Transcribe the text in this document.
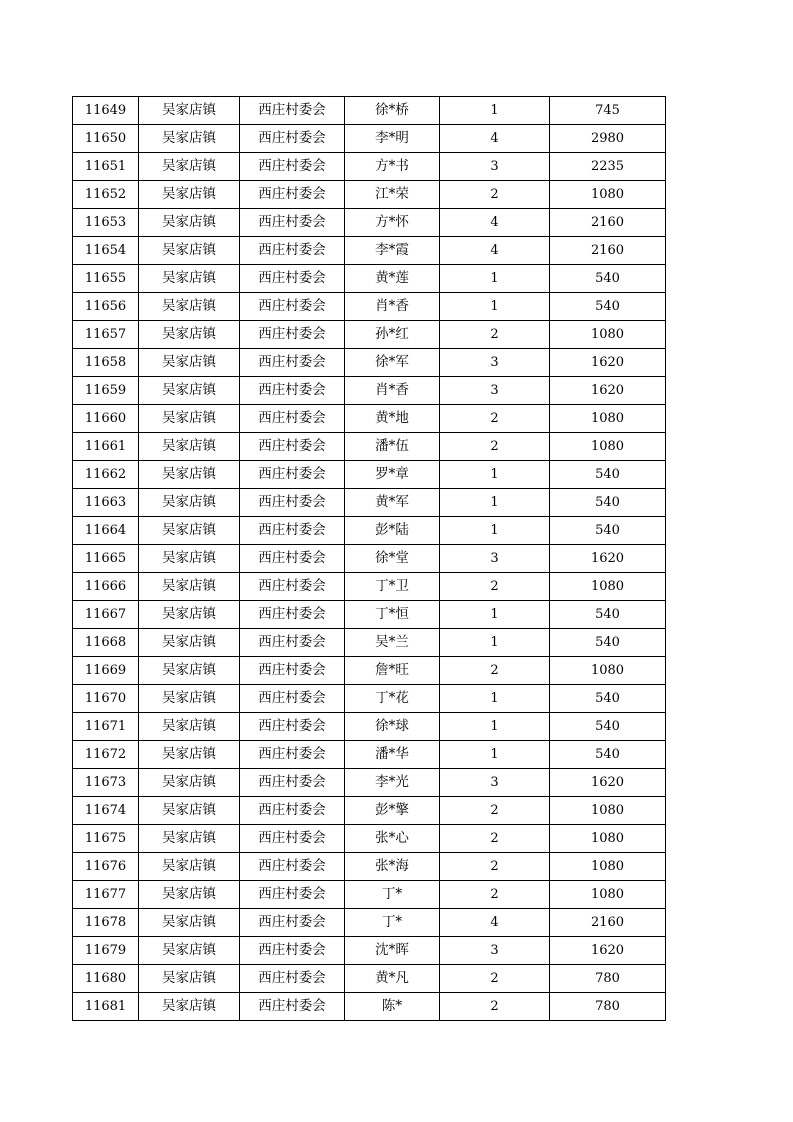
11649	吴家店镇	西庄村委会	徐*桥	1	745
11650	吴家店镇	西庄村委会	李*明	4	2980
11651	吴家店镇	西庄村委会	方*书	3	2235
11652	吴家店镇	西庄村委会	江*荣	2	1080
11653	吴家店镇	西庄村委会	方*怀	4	2160
11654	吴家店镇	西庄村委会	李*霞	4	2160
11655	吴家店镇	西庄村委会	黄*莲	1	540
11656	吴家店镇	西庄村委会	肖*香	1	540
11657	吴家店镇	西庄村委会	孙*红	2	1080
11658	吴家店镇	西庄村委会	徐*军	3	1620
11659	吴家店镇	西庄村委会	肖*香	3	1620
11660	吴家店镇	西庄村委会	黄*地	2	1080
11661	吴家店镇	西庄村委会	潘*伍	2	1080
11662	吴家店镇	西庄村委会	罗*章	1	540
11663	吴家店镇	西庄村委会	黄*军	1	540
11664	吴家店镇	西庄村委会	彭*陆	1	540
11665	吴家店镇	西庄村委会	徐*堂	3	1620
11666	吴家店镇	西庄村委会	丁*卫	2	1080
11667	吴家店镇	西庄村委会	丁*恒	1	540
11668	吴家店镇	西庄村委会	吴*兰	1	540
11669	吴家店镇	西庄村委会	詹*旺	2	1080
11670	吴家店镇	西庄村委会	丁*花	1	540
11671	吴家店镇	西庄村委会	徐*球	1	540
11672	吴家店镇	西庄村委会	潘*华	1	540
11673	吴家店镇	西庄村委会	李*光	3	1620
11674	吴家店镇	西庄村委会	彭*擎	2	1080
11675	吴家店镇	西庄村委会	张*心	2	1080
11676	吴家店镇	西庄村委会	张*海	2	1080
11677	吴家店镇	西庄村委会	丁*	2	1080
11678	吴家店镇	西庄村委会	丁*	4	2160
11679	吴家店镇	西庄村委会	沈*晖	3	1620
11680	吴家店镇	西庄村委会	黄*凡	2	780
11681	吴家店镇	西庄村委会	陈*	2	780
